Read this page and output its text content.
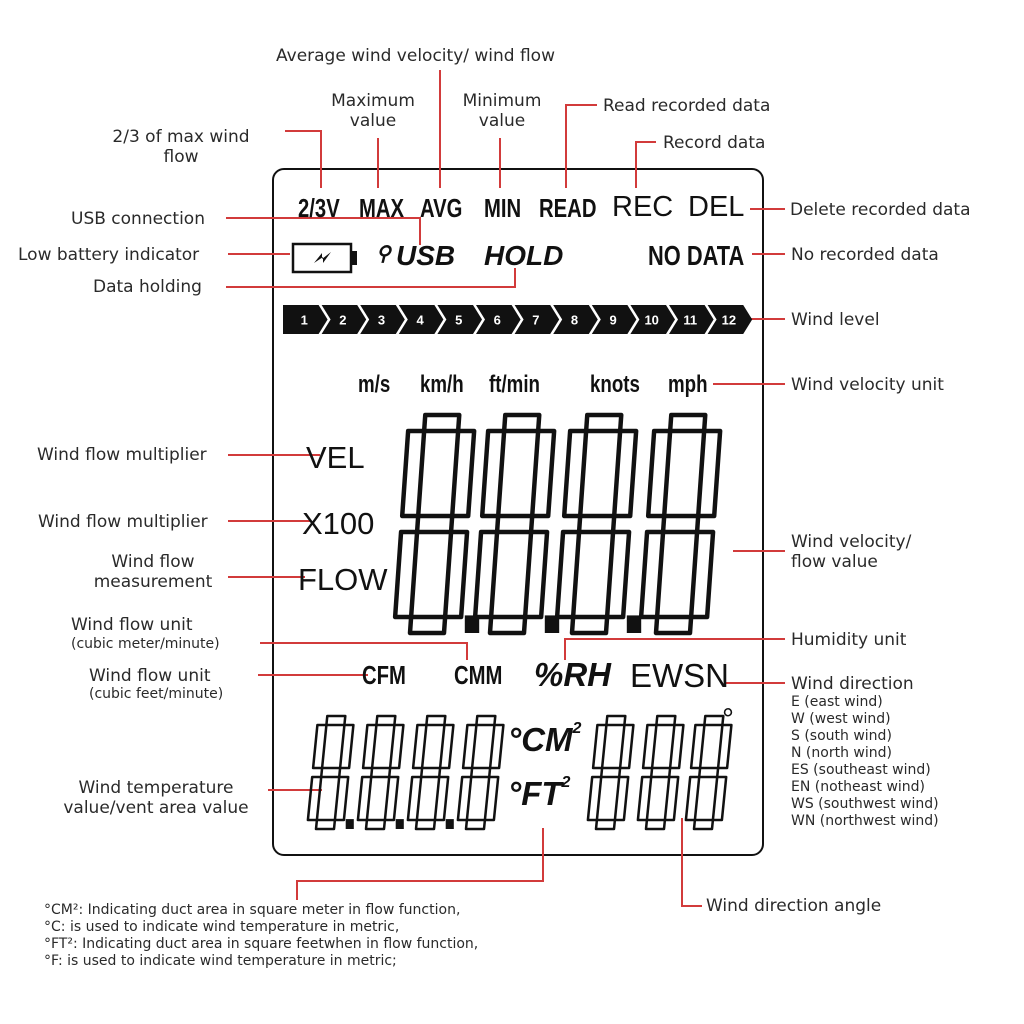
1 2 3 4 5 6 7 8 9 10 11 12
2/3V MAX AVG MIN READ REC DEL
⚲ USB HOLD	NO DATA
m/s	km/h	ft/min	knots	mph
VEL
X100
FLOW
CFM	CMM %RH EWSN
$^\circ CM^2$
$^\circ FT^2$
°
Average wind velocity/ wind flow
Maximum value
Minimum value
Read recorded data
Record data
2/3 of max wind flow
Delete recorded data
USB connection
No recorded data
Low battery indicator
Data holding
Wind level
Wind velocity unit
Wind flow multiplier
Wind flow multiplier
Wind flow measurement
Wind velocity/ flow value
Wind flow unit
(cubic meter/minute)	Humidity unit
Wind flow unit
(cubic feet/minute)	Wind direction
E (east wind)
W (west wind)
S (south wind)
N (north wind)
ES (southeast wind)
EN (notheast wind)
WS (southwest wind)
WN (northwest wind)
Wind temperature value/vent area value
Wind direction angle
°CM²: Indicating duct area in square meter in flow function,
°C: is used to indicate wind temperature in metric,
°FT²: Indicating duct area in square feetwhen in flow function,
°F: is used to indicate wind temperature in metric;
